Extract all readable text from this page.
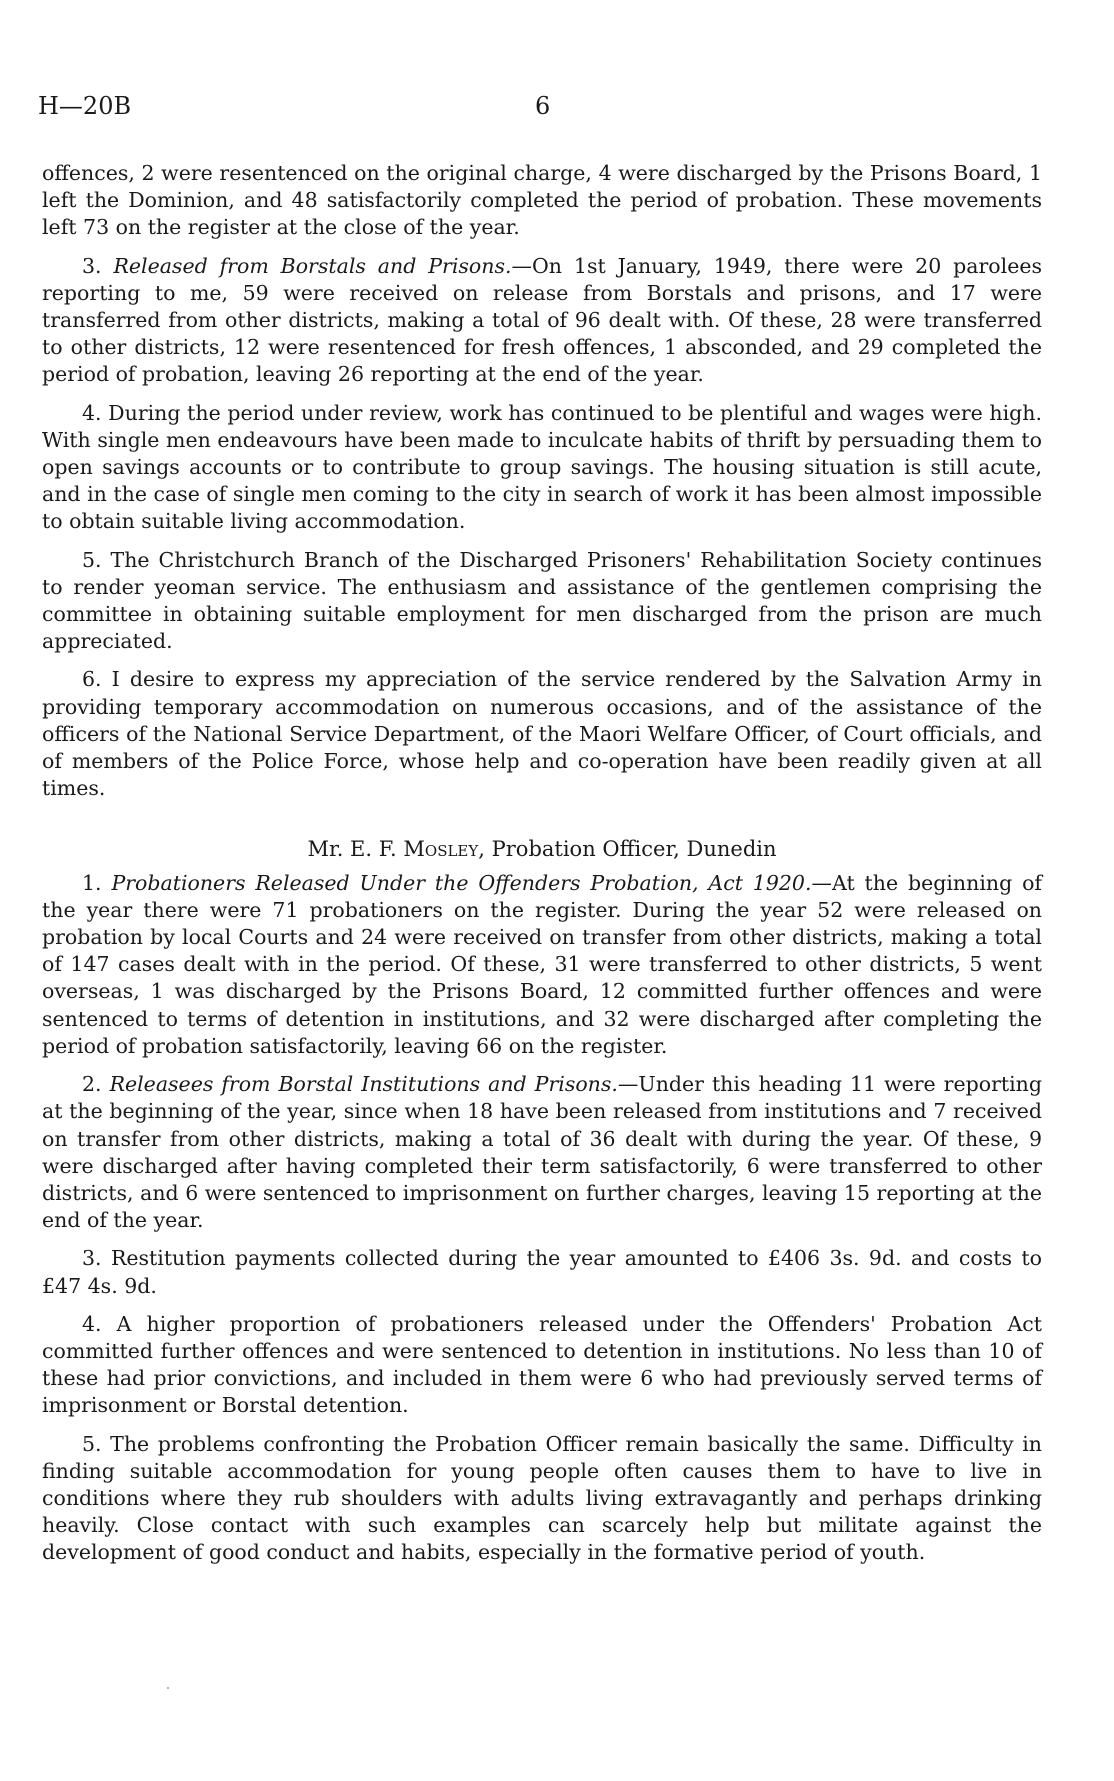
H—20B	6

offences, 2 were resentenced on the original charge, 4 were discharged by the Prisons Board, 1 left the Dominion, and 48 satisfactorily completed the period of probation. These movements left 73 on the register at the close of the year.

3. Released from Borstals and Prisons.—On 1st January, 1949, there were 20 parolees reporting to me, 59 were received on release from Borstals and prisons, and 17 were transferred from other districts, making a total of 96 dealt with. Of these, 28 were transferred to other districts, 12 were resentenced for fresh offences, 1 absconded, and 29 completed the period of probation, leaving 26 reporting at the end of the year.

4. During the period under review, work has continued to be plentiful and wages were high. With single men endeavours have been made to inculcate habits of thrift by persuading them to open savings accounts or to contribute to group savings. The housing situation is still acute, and in the case of single men coming to the city in search of work it has been almost impossible to obtain suitable living accommodation.

5. The Christchurch Branch of the Discharged Prisoners' Rehabilitation Society continues to render yeoman service. The enthusiasm and assistance of the gentlemen comprising the committee in obtaining suitable employment for men discharged from the prison are much appreciated.

6. I desire to express my appreciation of the service rendered by the Salvation Army in providing temporary accommodation on numerous occasions, and of the assistance of the officers of the National Service Department, of the Maori Welfare Officer, of Court officials, and of members of the Police Force, whose help and co-operation have been readily given at all times.

Mr. E. F. Mosley, Probation Officer, Dunedin

1. Probationers Released Under the Offenders Probation, Act 1920.—At the beginning of the year there were 71 probationers on the register. During the year 52 were released on probation by local Courts and 24 were received on transfer from other districts, making a total of 147 cases dealt with in the period. Of these, 31 were transferred to other districts, 5 went overseas, 1 was discharged by the Prisons Board, 12 committed further offences and were sentenced to terms of detention in institutions, and 32 were discharged after completing the period of probation satisfactorily, leaving 66 on the register.

2. Releasees from Borstal Institutions and Prisons.—Under this heading 11 were reporting at the beginning of the year, since when 18 have been released from institutions and 7 received on transfer from other districts, making a total of 36 dealt with during the year. Of these, 9 were discharged after having completed their term satisfactorily, 6 were transferred to other districts, and 6 were sentenced to imprisonment on further charges, leaving 15 reporting at the end of the year.

3. Restitution payments collected during the year amounted to £406 3s. 9d. and costs to £47 4s. 9d.

4. A higher proportion of probationers released under the Offenders' Probation Act committed further offences and were sentenced to detention in institutions. No less than 10 of these had prior convictions, and included in them were 6 who had previously served terms of imprisonment or Borstal detention.

5. The problems confronting the Probation Officer remain basically the same. Difficulty in finding suitable accommodation for young people often causes them to have to live in conditions where they rub shoulders with adults living extravagantly and perhaps drinking heavily. Close contact with such examples can scarcely help but militate against the development of good conduct and habits, especially in the formative period of youth.
